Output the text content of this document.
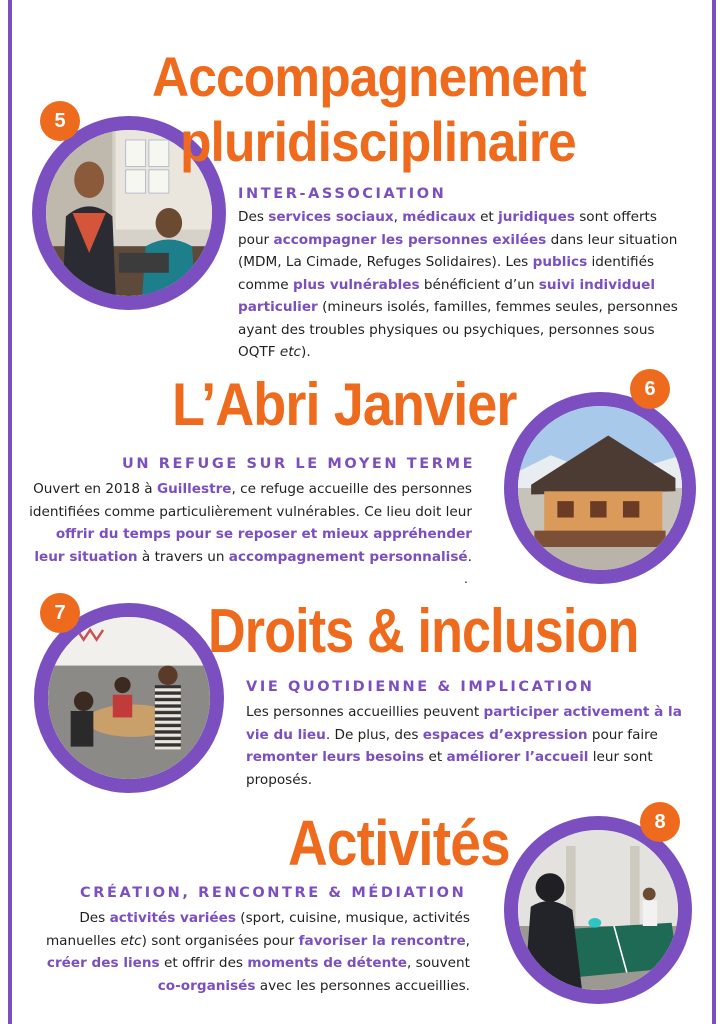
5
Accompagnement
pluridisciplinaire
INTER-ASSOCIATION
Des services sociaux, médicaux et juridiques sont offerts pour accompagner les personnes exilées dans leur situation (MDM, La Cimade, Refuges Solidaires). Les publics identifiés comme plus vulnérables bénéficient d’un suivi individuel particulier (mineurs isolés, familles, femmes seules, personnes ayant des troubles physiques ou psychiques, personnes sous OQTF etc).
L’Abri Janvier	6
UN REFUGE SUR LE MOYEN TERME
Ouvert en 2018 à Guillestre, ce refuge accueille des personnes identifiées comme particulièrement vulnérables. Ce lieu doit leur offrir du temps pour se reposer et mieux appréhender leur situation à travers un accompagnement personnalisé.
.
7 Droits & inclusion
VIE QUOTIDIENNE & IMPLICATION
Les personnes accueillies peuvent participer activement à la vie du lieu. De plus, des espaces d’expression pour faire remonter leurs besoins et améliorer l’accueil leur sont proposés.
Activités	8
CRÉATION, RENCONTRE & MÉDIATION
Des activités variées (sport, cuisine, musique, activités manuelles etc) sont organisées pour favoriser la rencontre, créer des liens et offrir des moments de détente, souvent co-organisés avec les personnes accueillies.
